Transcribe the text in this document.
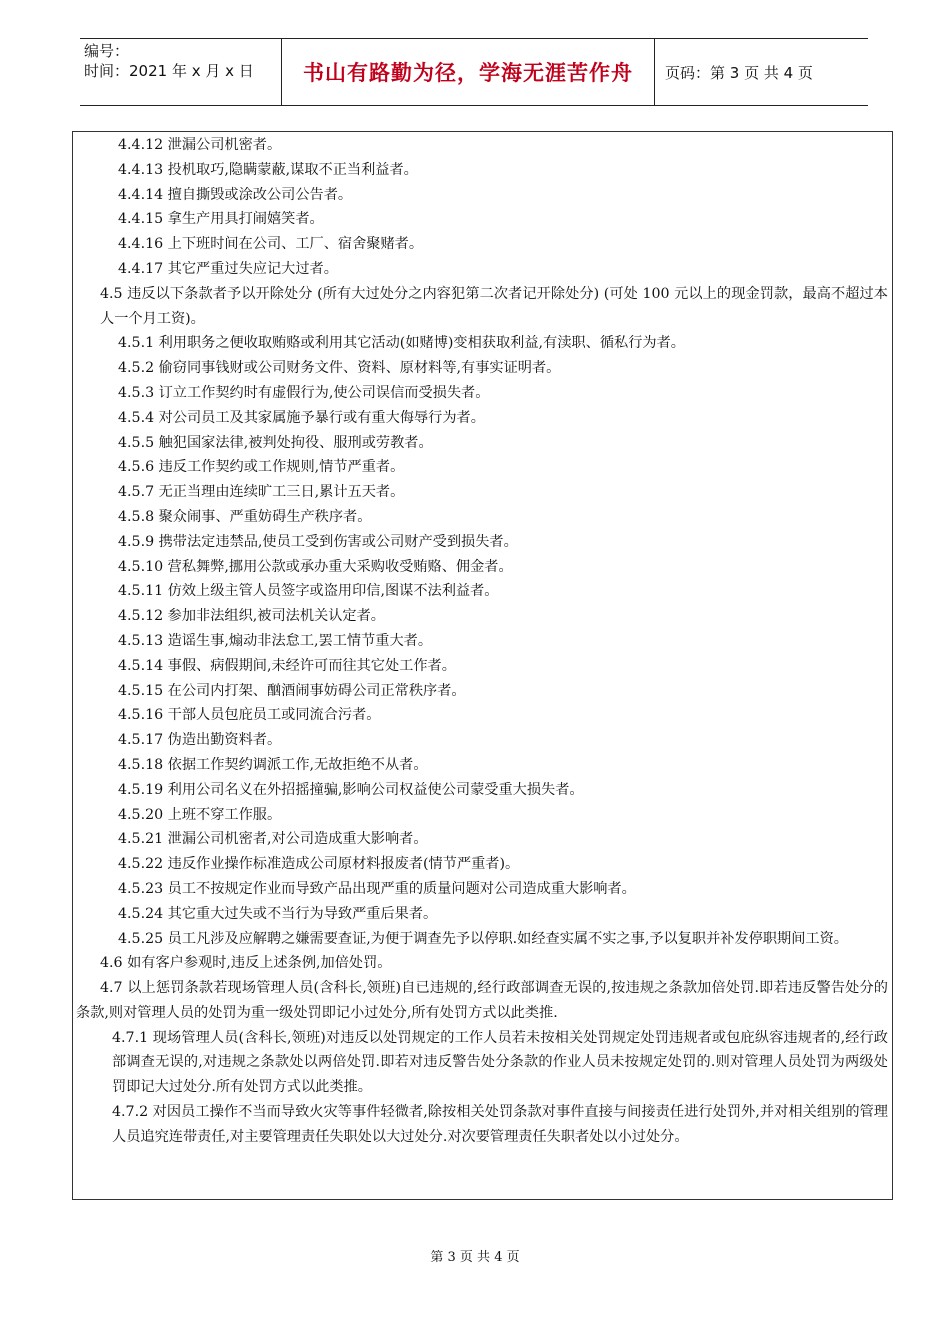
编号：
时间：2021 年 x 月 x 日	书山有路勤为径，学海无涯苦作舟	页码：第 3 页 共 4 页
4.4.12 泄漏公司机密者。
4.4.13 投机取巧,隐瞒蒙蔽,谋取不正当利益者。
4.4.14 擅自撕毁或涂改公司公告者。
4.4.15 拿生产用具打闹嬉笑者。
4.4.16 上下班时间在公司、工厂、宿舍聚赌者。
4.4.17 其它严重过失应记大过者。
4.5 违反以下条款者予以开除处分 (所有大过处分之内容犯第二次者记开除处分) (可处 100 元以上的现金罚款，最高不超过本人一个月工资)。
4.5.1 利用职务之便收取贿赂或利用其它活动(如赌博)变相获取利益,有渎职、循私行为者。
4.5.2 偷窃同事钱财或公司财务文件、资料、原材料等,有事实证明者。
4.5.3 订立工作契约时有虚假行为,使公司误信而受损失者。
4.5.4 对公司员工及其家属施予暴行或有重大侮辱行为者。
4.5.5 触犯国家法律,被判处拘役、服刑或劳教者。
4.5.6 违反工作契约或工作规则,情节严重者。
4.5.7 无正当理由连续旷工三日,累计五天者。
4.5.8 聚众闹事、严重妨碍生产秩序者。
4.5.9 携带法定违禁品,使员工受到伤害或公司财产受到损失者。
4.5.10 营私舞弊,挪用公款或承办重大采购收受贿赂、佣金者。
4.5.11 仿效上级主管人员签字或盗用印信,图谋不法利益者。
4.5.12 参加非法组织,被司法机关认定者。
4.5.13 造谣生事,煽动非法怠工,罢工情节重大者。
4.5.14 事假、病假期间,未经许可而往其它处工作者。
4.5.15 在公司内打架、酗酒闹事妨碍公司正常秩序者。
4.5.16 干部人员包庇员工或同流合污者。
4.5.17 伪造出勤资料者。
4.5.18 依据工作契约调派工作,无故拒绝不从者。
4.5.19 利用公司名义在外招摇撞骗,影响公司权益使公司蒙受重大损失者。
4.5.20 上班不穿工作服。
4.5.21 泄漏公司机密者,对公司造成重大影响者。
4.5.22 违反作业操作标准造成公司原材料报废者(情节严重者)。
4.5.23 员工不按规定作业而导致产品出现严重的质量问题对公司造成重大影响者。
4.5.24 其它重大过失或不当行为导致严重后果者。
4.5.25 员工凡涉及应解聘之嫌需要查证,为便于调查先予以停职.如经查实属不实之事,予以复职并补发停职期间工资。
4.6 如有客户参观时,违反上述条例,加倍处罚。
4.7 以上惩罚条款若现场管理人员(含科长,领班)自已违规的,经行政部调查无误的,按违规之条款加倍处罚.即若违反警告处分的条款,则对管理人员的处罚为重一级处罚即记小过处分,所有处罚方式以此类推.
4.7.1 现场管理人员(含科长,领班)对违反以处罚规定的工作人员若未按相关处罚规定处罚违规者或包庇纵容违规者的,经行政部调查无误的,对违规之条款处以两倍处罚.即若对违反警告处分条款的作业人员未按规定处罚的.则对管理人员处罚为两级处罚即记大过处分.所有处罚方式以此类推。
4.7.2 对因员工操作不当而导致火灾等事件轻微者,除按相关处罚条款对事件直接与间接责任进行处罚外,并对相关组别的管理人员追究连带责任,对主要管理责任失职处以大过处分.对次要管理责任失职者处以小过处分。
第 3 页 共 4 页
